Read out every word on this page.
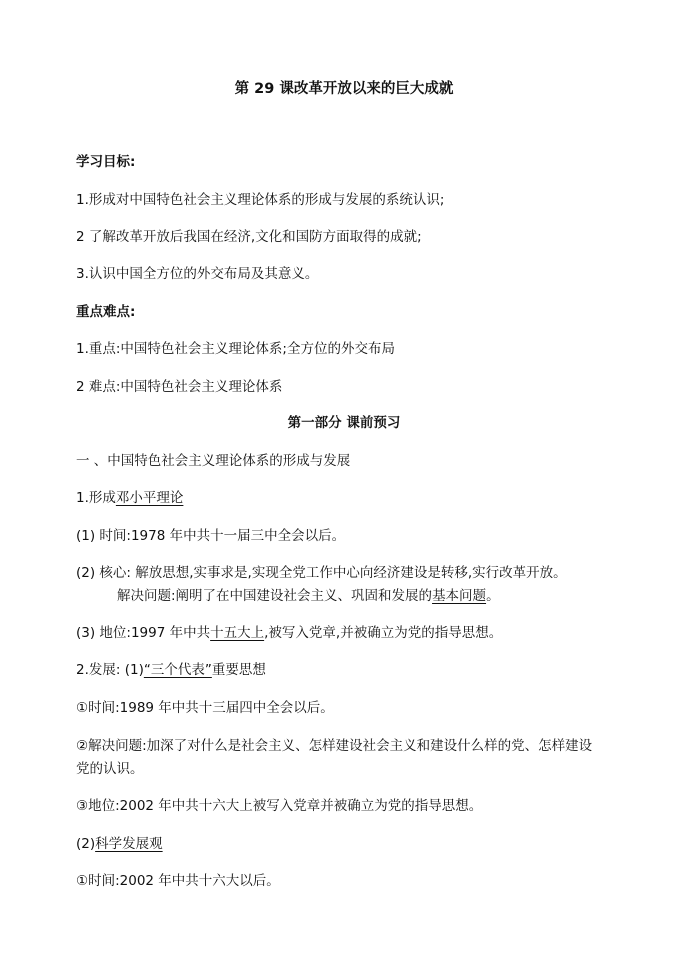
第 29 课改革开放以来的巨大成就
学习目标:
1.形成对中国特色社会主义理论体系的形成与发展的系统认识;
2 了解改革开放后我国在经济,文化和国防方面取得的成就;
3.认识中国全方位的外交布局及其意义。
重点难点:
1.重点:中国特色社会主义理论体系;全方位的外交布局
2 难点:中国特色社会主义理论体系
第一部分 课前预习
一 、中国特色社会主义理论体系的形成与发展
1.形成邓小平理论
(1) 时间:1978 年中共十一届三中全会以后。
(2) 核心: 解放思想,实事求是,实现全党工作中心向经济建设是转移,实行改革开放。
解决问题:阐明了在中国建设社会主义、巩固和发展的基本问题。
(3) 地位:1997 年中共十五大上,被写入党章,并被确立为党的指导思想。
2.发展: (1)“三个代表”重要思想
①时间:1989 年中共十三届四中全会以后。
②解决问题:加深了对什么是社会主义、怎样建设社会主义和建设什么样的党、怎样建设
党的认识。
③地位:2002 年中共十六大上被写入党章并被确立为党的指导思想。
(2)科学发展观
①时间:2002 年中共十六大以后。
